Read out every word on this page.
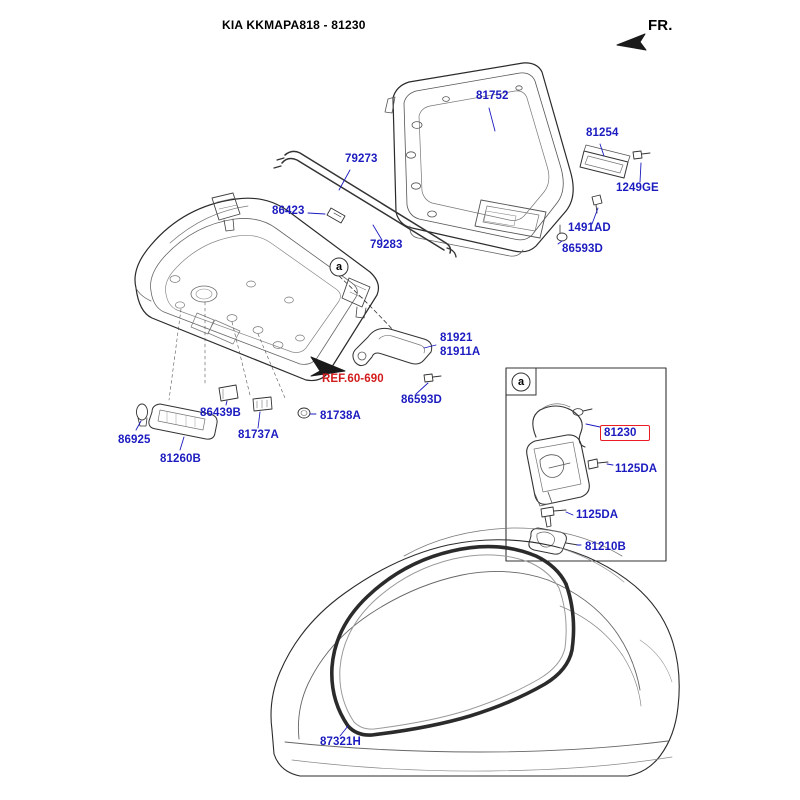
KIA KKMAPA818 - 81230	FR.
81752
81254
1249GE
1491AD
86593D
79273
86423
79283
81921
81911A
86593D
81738A
86439B
81737A
86925
81260B
81230
1125DA
1125DA
81210B
87321H
REF.60-690
a
a
